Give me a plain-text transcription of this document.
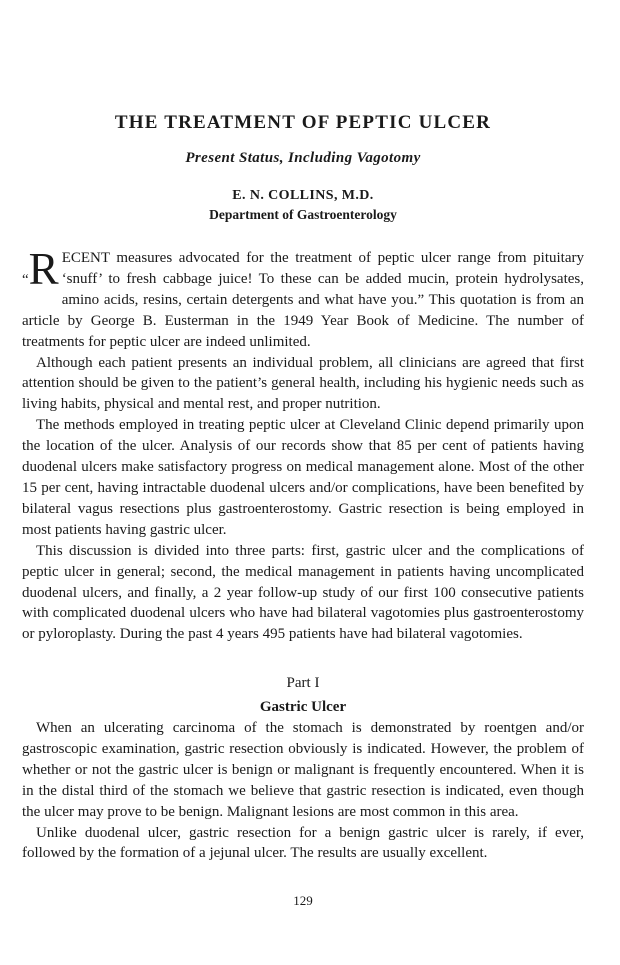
THE TREATMENT OF PEPTIC ULCER
Present Status, Including Vagotomy
E. N. COLLINS, M.D.
Department of Gastroenterology

“R ECENT measures advocated for the treatment of peptic ulcer range from pituitary ‘snuff’ to fresh cabbage juice! To these can be added mucin, protein hydrolysates, amino acids, resins, certain detergents and what have you.” This quotation is from an article by George B. Eusterman in the 1949 Year Book of Medicine. The number of treatments for peptic ulcer are indeed unlimited.

Although each patient presents an individual problem, all clinicians are agreed that first attention should be given to the patient’s general health, including his hygienic needs such as living habits, physical and mental rest, and proper nutrition.

The methods employed in treating peptic ulcer at Cleveland Clinic depend primarily upon the location of the ulcer. Analysis of our records show that 85 per cent of patients having duodenal ulcers make satisfactory progress on medical management alone. Most of the other 15 per cent, having intractable duodenal ulcers and/or complications, have been benefited by bilateral vagus resections plus gastroenterostomy. Gastric resection is being employed in most patients having gastric ulcer.

This discussion is divided into three parts: first, gastric ulcer and the complications of peptic ulcer in general; second, the medical management in patients having uncomplicated duodenal ulcers, and finally, a 2 year follow-up study of our first 100 consecutive patients with complicated duodenal ulcers who have had bilateral vagotomies plus gastroenterostomy or pyloroplasty. During the past 4 years 495 patients have had bilateral vagotomies.

Part I
Gastric Ulcer

When an ulcerating carcinoma of the stomach is demonstrated by roentgen and/or gastroscopic examination, gastric resection obviously is indicated. However, the problem of whether or not the gastric ulcer is benign or malignant is frequently encountered. When it is in the distal third of the stomach we believe that gastric resection is indicated, even though the ulcer may prove to be benign. Malignant lesions are most common in this area.

Unlike duodenal ulcer, gastric resection for a benign gastric ulcer is rarely, if ever, followed by the formation of a jejunal ulcer. The results are usually excellent.

129
